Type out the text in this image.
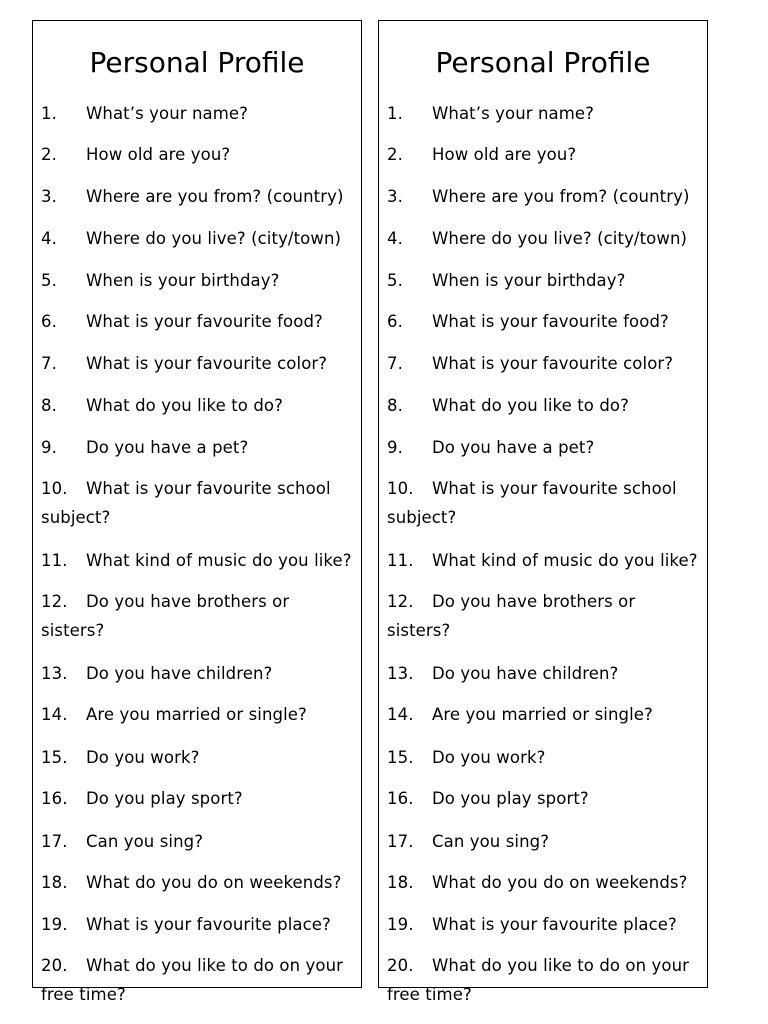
Personal Profile

1. What’s your name?

2. How old are you?

3. Where are you from? (country)

4. Where do you live? (city/town)

5. When is your birthday?

6. What is your favourite food?

7. What is your favourite color?

8. What do you like to do?

9. Do you have a pet?

10. What is your favourite school
subject?

11. What kind of music do you like?

12. Do you have brothers or
sisters?

13. Do you have children?

14. Are you married or single?

15. Do you work?

16. Do you play sport?

17. Can you sing?

18. What do you do on weekends?

19. What is your favourite place?

20. What do you like to do on your
free time?

Personal Profile

1. What’s your name?

2. How old are you?

3. Where are you from? (country)

4. Where do you live? (city/town)

5. When is your birthday?

6. What is your favourite food?

7. What is your favourite color?

8. What do you like to do?

9. Do you have a pet?

10. What is your favourite school
subject?

11. What kind of music do you like?

12. Do you have brothers or
sisters?

13. Do you have children?

14. Are you married or single?

15. Do you work?

16. Do you play sport?

17. Can you sing?

18. What do you do on weekends?

19. What is your favourite place?

20. What do you like to do on your
free time?
